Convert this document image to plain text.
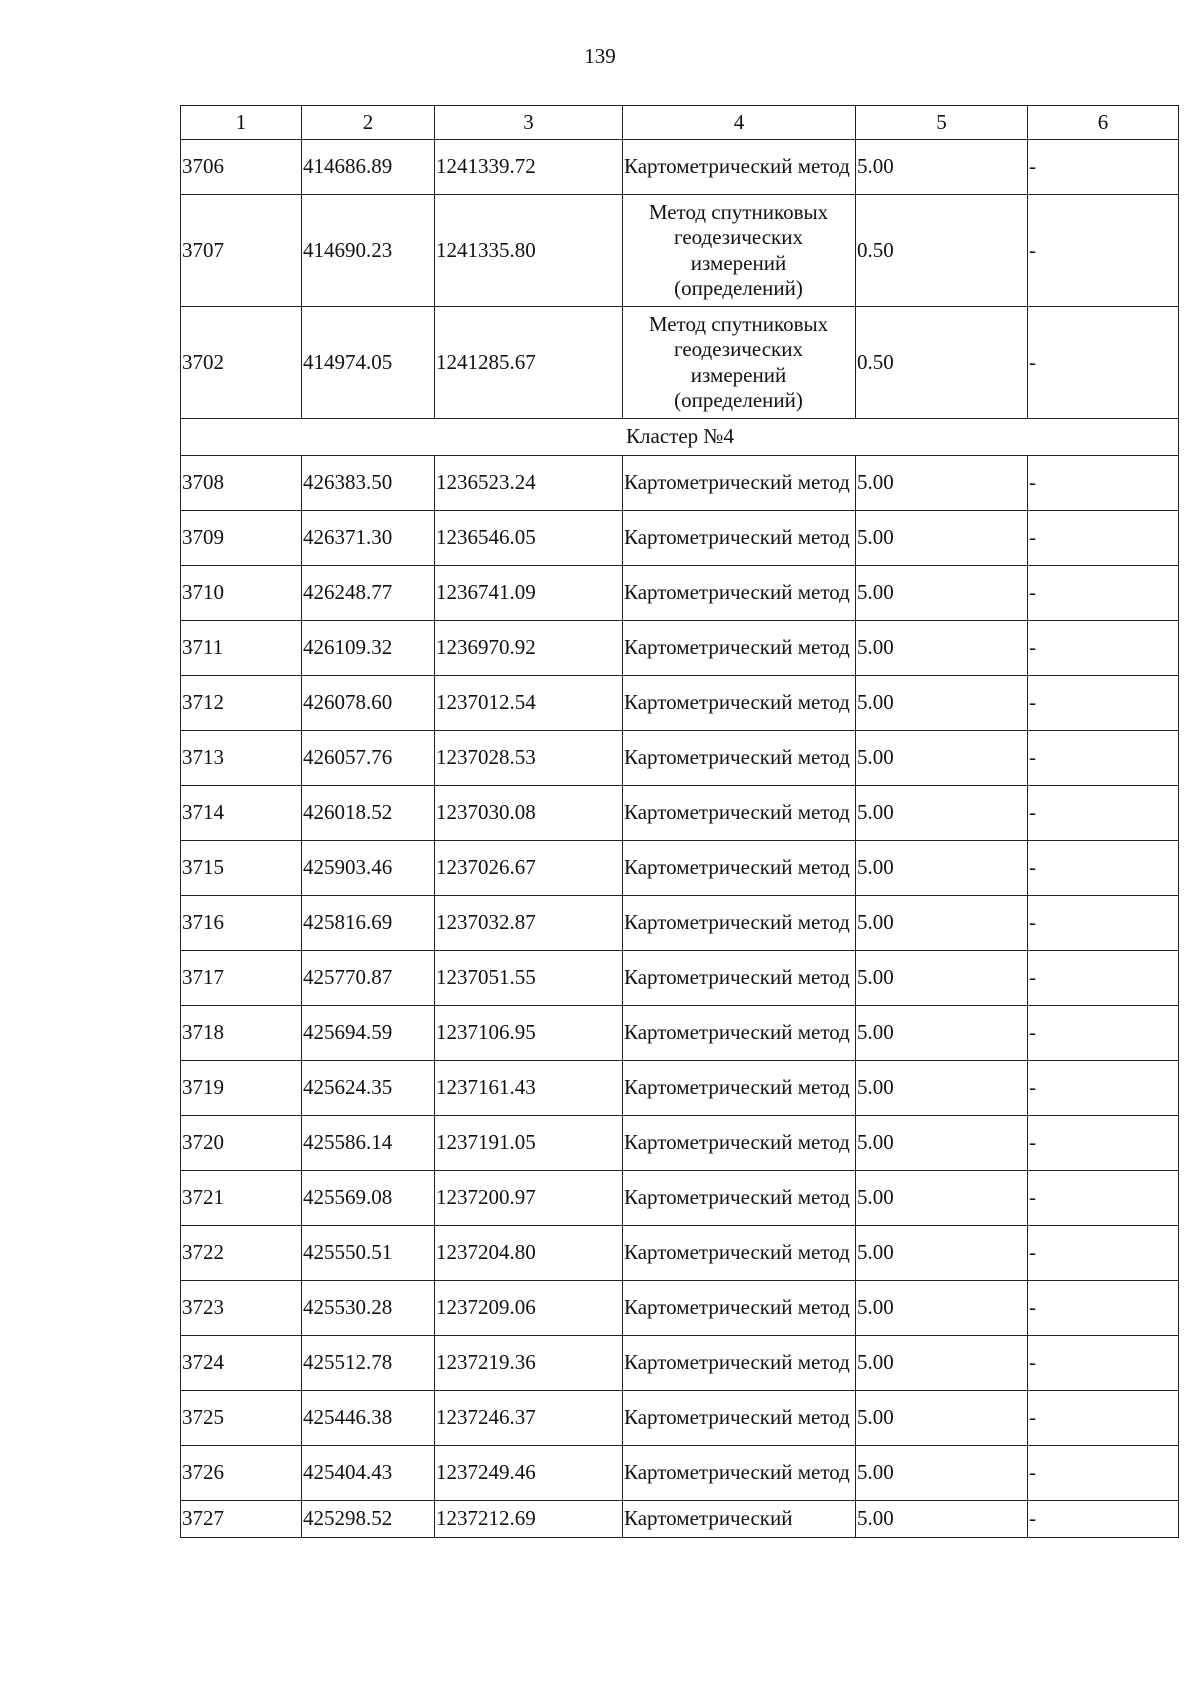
139
1	2	3	4	5	6
3706	414686.89	1241339.72	Картометрический метод	5.00	-
3707	414690.23	1241335.80	Метод спутниковых геодезических измерений (определений)	0.50	-
3702	414974.05	1241285.67	Метод спутниковых геодезических измерений (определений)	0.50	-
Кластер №4					
3708	426383.50	1236523.24	Картометрический метод	5.00	-
3709	426371.30	1236546.05	Картометрический метод	5.00	-
3710	426248.77	1236741.09	Картометрический метод	5.00	-
3711	426109.32	1236970.92	Картометрический метод	5.00	-
3712	426078.60	1237012.54	Картометрический метод	5.00	-
3713	426057.76	1237028.53	Картометрический метод	5.00	-
3714	426018.52	1237030.08	Картометрический метод	5.00	-
3715	425903.46	1237026.67	Картометрический метод	5.00	-
3716	425816.69	1237032.87	Картометрический метод	5.00	-
3717	425770.87	1237051.55	Картометрический метод	5.00	-
3718	425694.59	1237106.95	Картометрический метод	5.00	-
3719	425624.35	1237161.43	Картометрический метод	5.00	-
3720	425586.14	1237191.05	Картометрический метод	5.00	-
3721	425569.08	1237200.97	Картометрический метод	5.00	-
3722	425550.51	1237204.80	Картометрический метод	5.00	-
3723	425530.28	1237209.06	Картометрический метод	5.00	-
3724	425512.78	1237219.36	Картометрический метод	5.00	-
3725	425446.38	1237246.37	Картометрический метод	5.00	-
3726	425404.43	1237249.46	Картометрический метод	5.00	-
3727	425298.52	1237212.69	Картометрический	5.00	-
